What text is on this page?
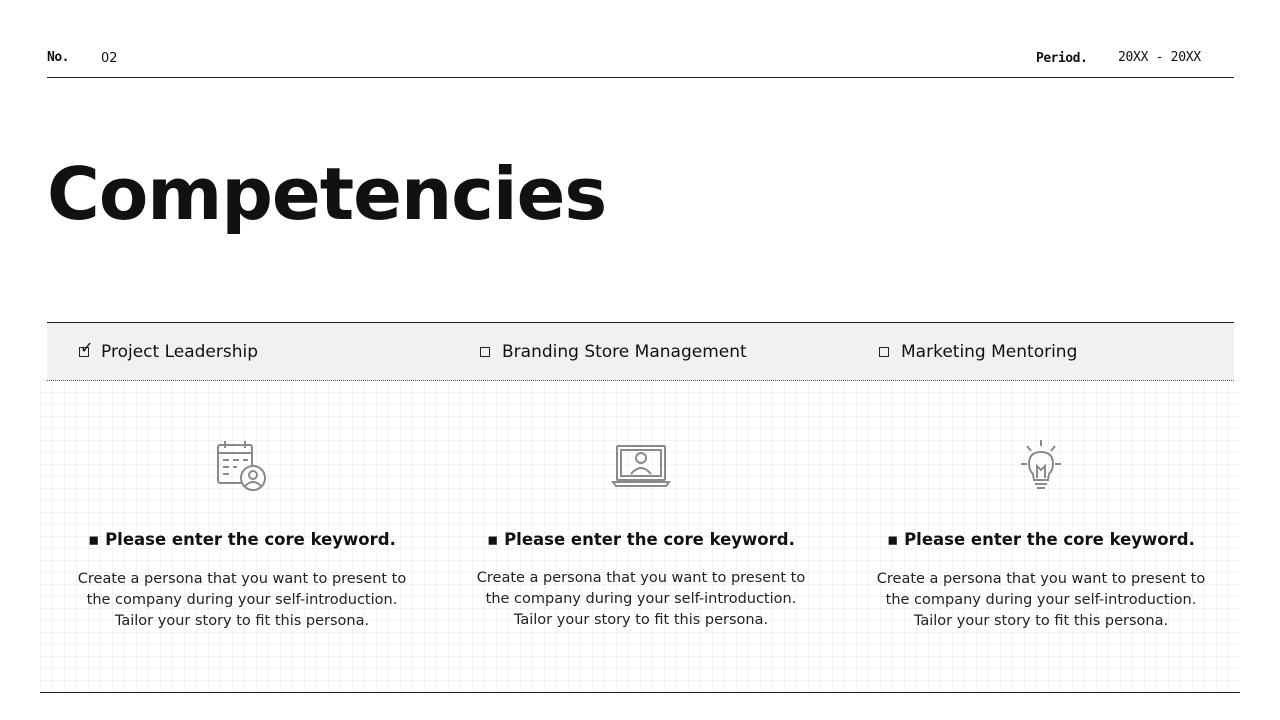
No. 02	Period. 20XX - 20XX
Competencies
✓ Project Leadership	Branding Store Management	Marketing Mentoring
▪ Please enter the core keyword.
Create a persona that you want to present to
the company during your self-introduction.
Tailor your story to fit this persona.
▪ Please enter the core keyword.
Create a persona that you want to present to
the company during your self-introduction.
Tailor your story to fit this persona.
▪ Please enter the core keyword.
Create a persona that you want to present to
the company during your self-introduction.
Tailor your story to fit this persona.
